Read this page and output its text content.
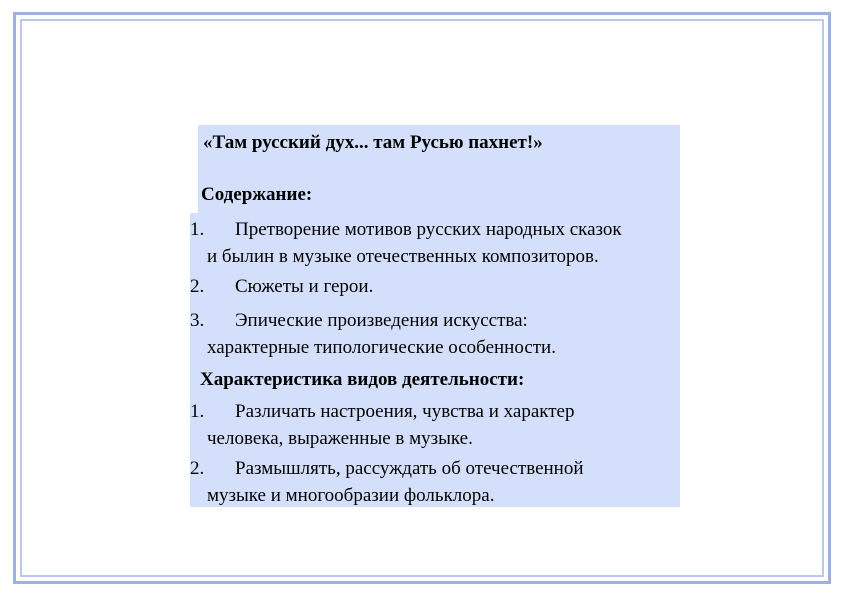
«Там русский дух... там Русью пахнет!»
Содержание:
1. Претворение мотивов русских народных сказок
и былин в музыке отечественных композиторов.
2. Сюжеты и герои.
3. Эпические произведения искусства:
характерные типологические особенности.
Характеристика видов деятельности:
1. Различать настроения, чувства и характер
человека, выраженные в музыке.
2. Размышлять, рассуждать об отечественной
музыке и многообразии фольклора.
